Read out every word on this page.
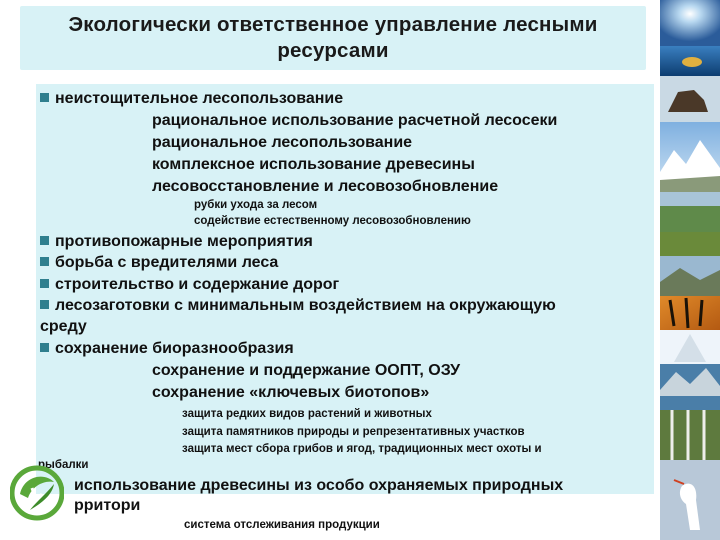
Экологически ответственное управление лесными
ресурсами
неистощительное лесопользование
рациональное использование расчетной лесосеки
рациональное лесопользование
комплексное использование древесины
лесовосстановление и лесовозобновление
рубки ухода за лесом
содействие естественному лесовозобновлению
противопожарные мероприятия
борьба с вредителями леса
строительство и содержание дорог
лесозаготовки с минимальным воздействием на окружающую
среду
сохранение биоразнообразия
сохранение и поддержание ООПТ, ОЗУ
сохранение «ключевых биотопов»
защита редких видов растений и животных
защита памятников природы и репрезентативных участков
защита мест сбора грибов и ягод, традиционных мест охоты и
рыбалки
использование древесины из особо охраняемых природных
рритори
система отслеживания продукции
